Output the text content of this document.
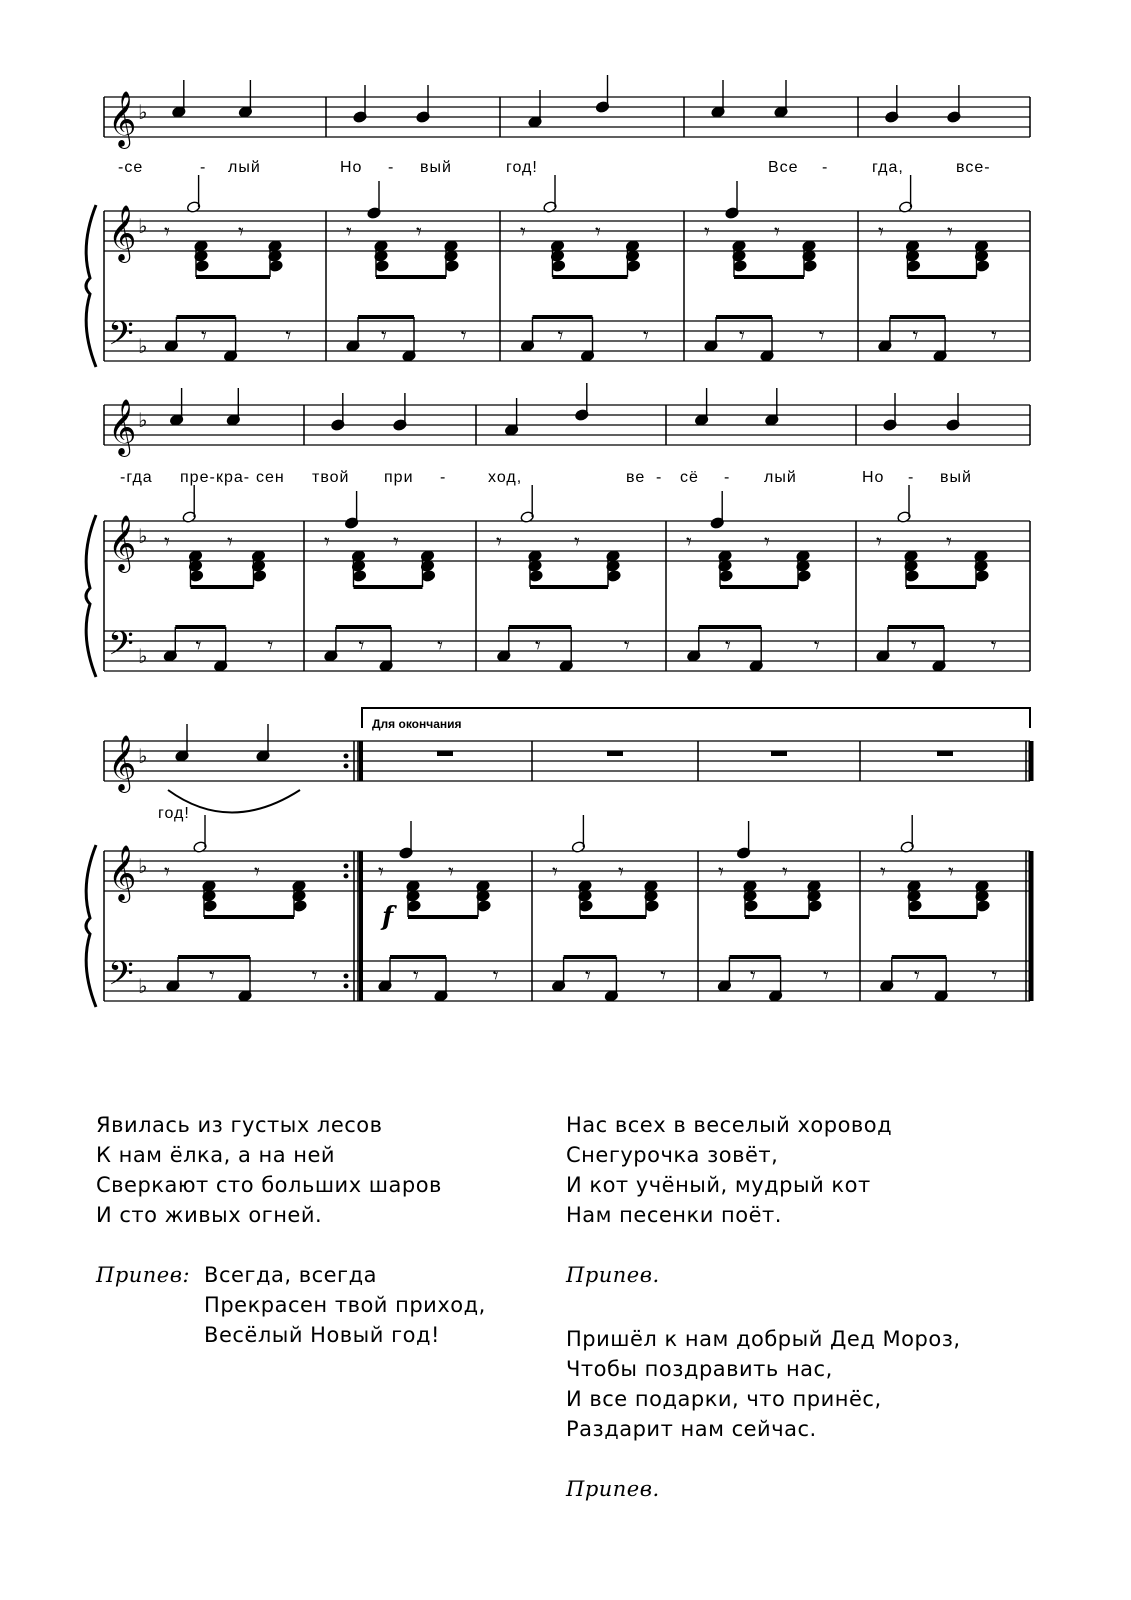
𝄞
𝄞
𝄢
♭
♭
♭
𝄾	𝄾
𝄾	𝄾
𝄾	𝄾
𝄾	𝄾
𝄾	𝄾
𝄾	𝄾
𝄾	𝄾
𝄾	𝄾
𝄾	𝄾
𝄾	𝄾
𝄞
𝄞
𝄢
♭
♭
♭
𝄾	𝄾
𝄾	𝄾
𝄾	𝄾
𝄾	𝄾
𝄾	𝄾
𝄾	𝄾
𝄾	𝄾
𝄾	𝄾
𝄾	𝄾
𝄾	𝄾
𝄞
𝄞
𝄢
♭
♭
♭
𝄾	𝄾
𝄾	𝄾
𝄾	𝄾
𝄾	𝄾
𝄾	𝄾
𝄾	𝄾
𝄾	𝄾
𝄾	𝄾
𝄾	𝄾
𝄾	𝄾
-се	- лый	Но - вый	год!	Все -	гда,	все-
-гда пре- кра- сен твой при -	ход,	ве - сё - лый	Но - вый
год!
Для окончания
f
Явилась из густых лесов
К нам ёлка, а на ней
Сверкают сто больших шаров
И сто живых огней.
Припев: Всегда, всегда
Прекрасен твой приход,
Весёлый Новый год!
Нас всех в веселый хоровод
Снегурочка зовёт,
И кот учёный, мудрый кот
Нам песенки поёт.
Припев.
Пришёл к нам добрый Дед Мороз,
Чтобы поздравить нас,
И все подарки, что принёс,
Раздарит нам сейчас.
Припев.
